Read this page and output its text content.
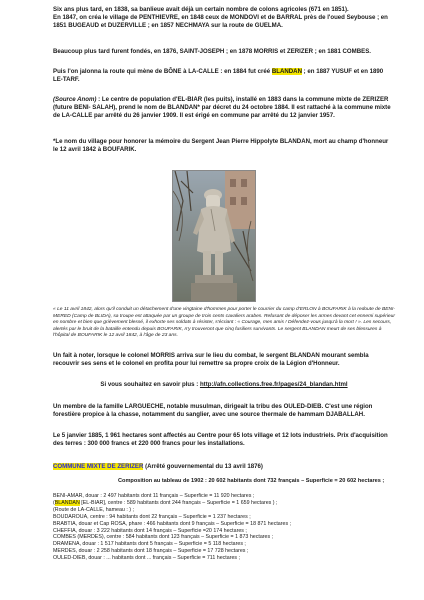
Six ans plus tard, en 1838, sa banlieue avait déjà un certain nombre de colons agricoles (671 en 1851).
En 1847, on créa le village de PENTHIEVRE, en 1848 ceux de MONDOVI et de BARRAL près de l'oued Seybouse ; en 1851 BUGEAUD et DUZERVILLE ; en 1857 NECHMAYA sur la route de GUELMA.

Beaucoup plus tard furent fondés, en 1876, SAINT-JOSEPH ; en 1878 MORRIS et ZERIZER ; en 1881 COMBES.

Puis l'on jalonna la route qui mène de BÔNE à LA-CALLE : en 1884 fut créé BLANDAN ; en 1887 YUSUF et en 1890 LE-TARF.

(Source Anom) : Le centre de population d'EL-BIAR (les puits), installé en 1883 dans la commune mixte de ZERIZER (future BENI- SALAH), prend le nom de BLANDAN* par décret du 24 octobre 1884. Il est rattaché à la commune mixte de LA-CALLE par arrêté du 26 janvier 1909. Il est érigé en commune par arrêté du 12 janvier 1957.

*Le nom du village pour honorer la mémoire du Sergent Jean Pierre Hippolyte BLANDAN, mort au champ d'honneur le 12 avril 1842 à BOUFARIK.

« Le 11 avril 1842, alors qu'il conduit un détachement d'une vingtaine d'hommes pour porter le courrier du camp d'ERLON à BOUFARIK à la redoute de BENI-MERED (Camp de BLIDA), sa troupe est attaquée par un groupe de trois cents cavaliers arabes. Refusant de déposer les armes devant cet ennemi supérieur en nombre et bien que grièvement blessé, il exhorte ses soldats à résister, s'écriant : « Courage, mes amis ! Défendez-vous jusqu'à la mort ! ». Les secours, alertés par le bruit de la bataille entendu depuis BOUFARIK, n'y trouveront que cinq fusiliers survivants. Le sergent BLANDAN meurt de ses blessures à l'hôpital de BOUFARIK le 12 avril 1842, à l'âge de 23 ans.

Un fait à noter, lorsque le colonel MORRIS arriva sur le lieu du combat, le sergent BLANDAN mourant sembla recouvrir ses sens et le colonel en profita pour lui remettre sa propre croix de la Légion d'Honneur.

Si vous souhaitez en savoir plus : http://afn.collections.free.fr/pages/24_blandan.html

Un membre de la famille LARGUECHE, notable musulman, dirigeait la tribu des OULED-DIEB. C'est une région forestière propice à la chasse, notamment du sanglier, avec une source thermale de hammam DJABALLAH.

Le 5 janvier 1885, 1 961 hectares sont affectés au Centre pour 65 lots village et 12 lots industriels. Prix d'acquisition des terres : 300 000 francs et 220 000 francs pour les installations.

COMMUNE MIXTE DE ZERIZER (Arrêté gouvernemental du 13 avril 1876)
Composition au tableau de 1902 : 20 602 habitants dont 732 français – Superficie = 20 602 hectares ;
BENI-AMAR, douar : 2 497 habitants dont 11 français – Superficie = 11 920 hectares ;
(BLANDAN [EL-BIAR], centre : 589 habitants dont 244 français – Superficie = 1 659 hectares ) ;
(Route de LA-CALLE, hameau : ) ;
BOUDAROUA, centre : 94 habitants dont 22 français – Superficie = 1 237 hectares ;
BRABTIA, douar et Cap ROSA, phare : 466 habitants dont 9 français – Superficie = 18 871 hectares ;
CHEFFIA, douar : 3 222 habitants dont 14 français – Superficie =20 174 hectares ;
COMBES (MERDES), centre : 584 habitants dont 123 français – Superficie = 1 873 hectares ;
DRAMENA, douar : 1 517 habitants dont 5 français – Superficie = 5 118 hectares ;
MERDES, douar : 2 258 habitants dont 18 français – Superficie = 17 728 hectares ;
OULED-DIEB, douar : ... habitants dont ... français – Superficie = 711 hectares ;
